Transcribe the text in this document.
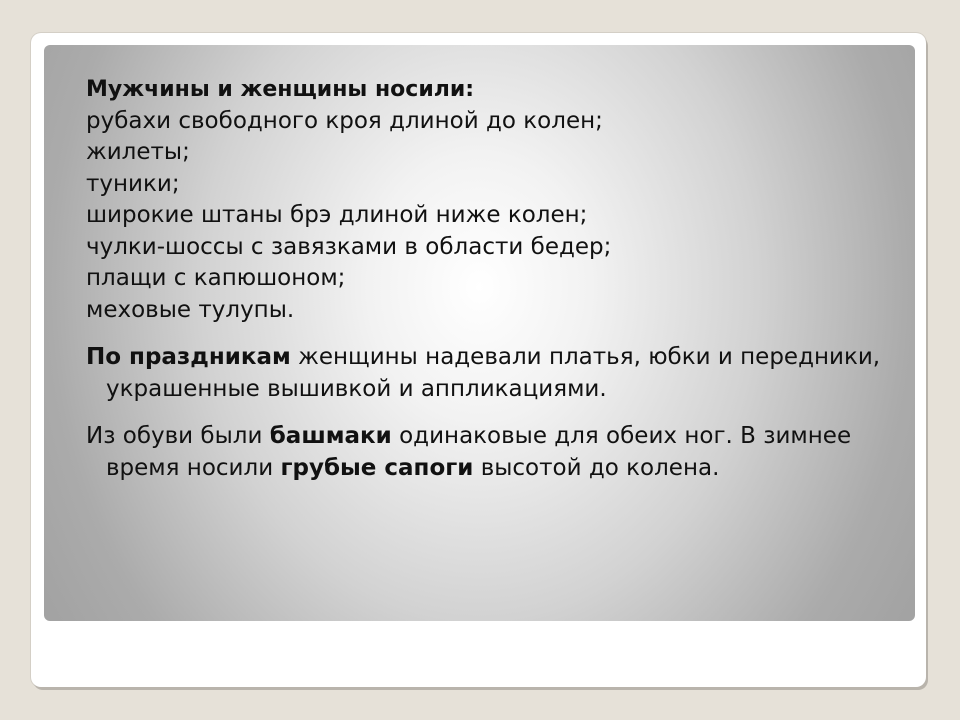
Мужчины и женщины носили:
рубахи свободного кроя длиной до колен;
жилеты;
туники;
широкие штаны брэ длиной ниже колен;
чулки-шоссы с завязками в области бедер;
плащи с капюшоном;
меховые тулупы.
По праздникам женщины надевали платья, юбки и передники, украшенные вышивкой и аппликациями.
Из обуви были башмаки одинаковые для обеих ног. В зимнее время носили грубые сапоги высотой до колена.
